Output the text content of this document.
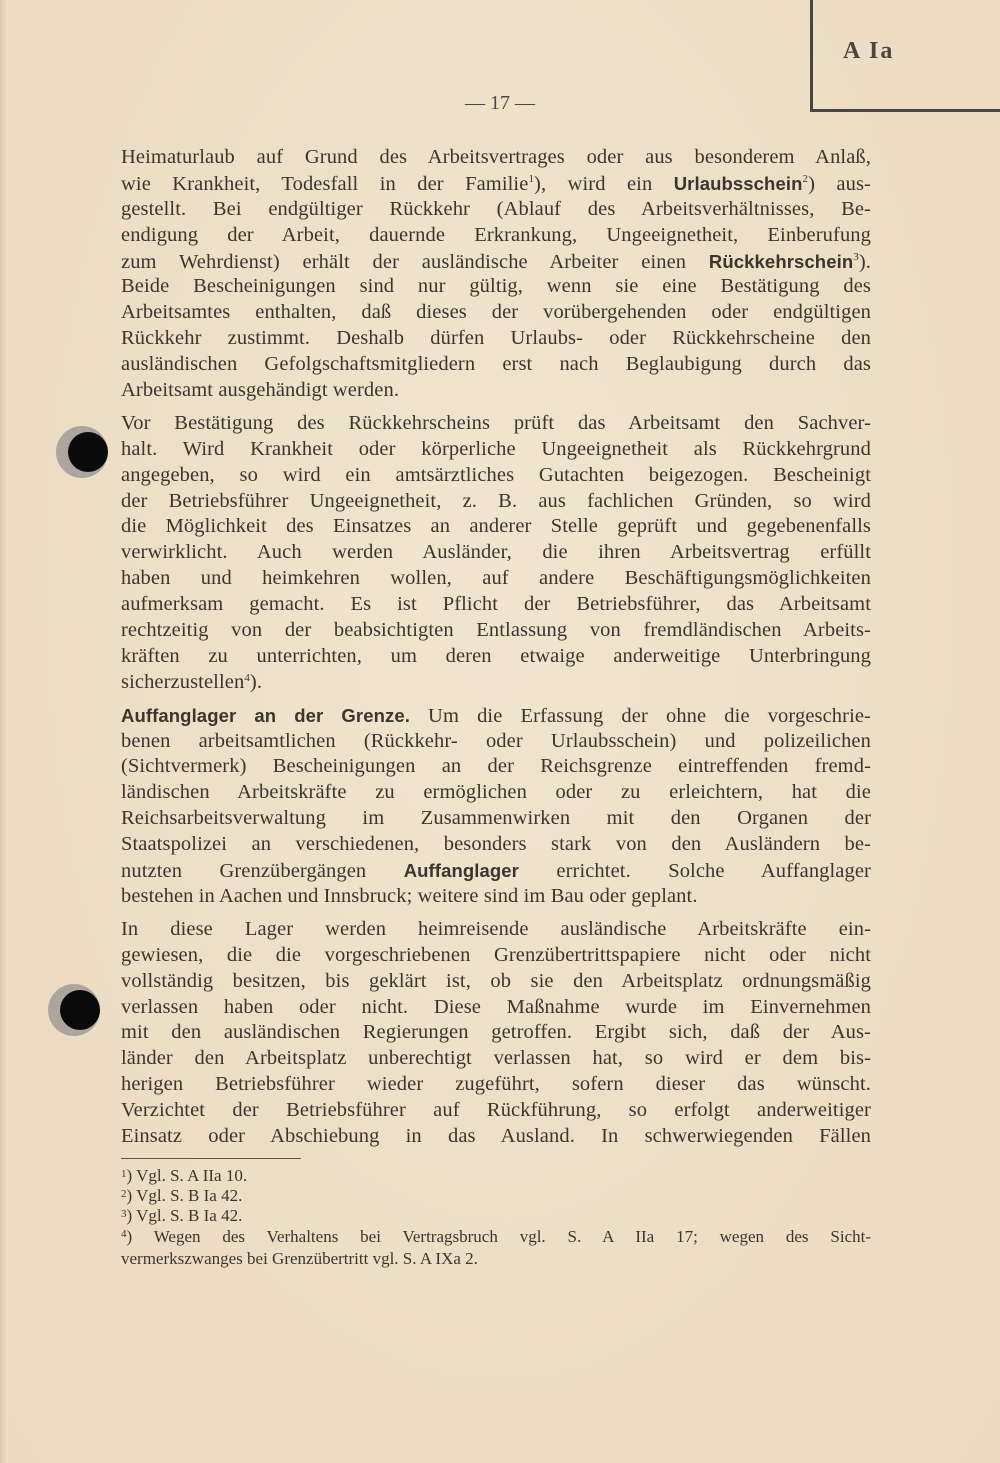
A Ia
— 17 —
Heimaturlaub auf Grund des Arbeitsvertrages oder aus besonderem Anlaß,
wie Krankheit, Todesfall in der Familie$^1$), wird ein Urlaubsschein$^2$) aus-
gestellt. Bei endgültiger Rückkehr (Ablauf des Arbeitsverhältnisses, Be-
endigung der Arbeit, dauernde Erkrankung, Ungeeignetheit, Einberufung
zum Wehrdienst) erhält der ausländische Arbeiter einen Rückkehrschein$^3$).
Beide Bescheinigungen sind nur gültig, wenn sie eine Bestätigung des
Arbeitsamtes enthalten, daß dieses der vorübergehenden oder endgültigen
Rückkehr zustimmt. Deshalb dürfen Urlaubs- oder Rückkehrscheine den
ausländischen Gefolgschaftsmitgliedern erst nach Beglaubigung durch das
Arbeitsamt ausgehändigt werden.
Vor Bestätigung des Rückkehrscheins prüft das Arbeitsamt den Sachver-
halt. Wird Krankheit oder körperliche Ungeeignetheit als Rückkehrgrund
angegeben, so wird ein amtsärztliches Gutachten beigezogen. Bescheinigt
der Betriebsführer Ungeeignetheit, z. B. aus fachlichen Gründen, so wird
die Möglichkeit des Einsatzes an anderer Stelle geprüft und gegebenenfalls
verwirklicht. Auch werden Ausländer, die ihren Arbeitsvertrag erfüllt
haben und heimkehren wollen, auf andere Beschäftigungsmöglichkeiten
aufmerksam gemacht. Es ist Pflicht der Betriebsführer, das Arbeitsamt
rechtzeitig von der beabsichtigten Entlassung von fremdländischen Arbeits-
kräften zu unterrichten, um deren etwaige anderweitige Unterbringung
sicherzustellen$^4$).
Auffanglager an der Grenze. Um die Erfassung der ohne die vorgeschrie-
benen arbeitsamtlichen (Rückkehr- oder Urlaubsschein) und polizeilichen
(Sichtvermerk) Bescheinigungen an der Reichsgrenze eintreffenden fremd-
ländischen Arbeitskräfte zu ermöglichen oder zu erleichtern, hat die
Reichsarbeitsverwaltung im Zusammenwirken mit den Organen der
Staatspolizei an verschiedenen, besonders stark von den Ausländern be-
nutzten Grenzübergängen Auffanglager errichtet. Solche Auffanglager
bestehen in Aachen und Innsbruck; weitere sind im Bau oder geplant.
In diese Lager werden heimreisende ausländische Arbeitskräfte ein-
gewiesen, die die vorgeschriebenen Grenzübertrittspapiere nicht oder nicht
vollständig besitzen, bis geklärt ist, ob sie den Arbeitsplatz ordnungsmäßig
verlassen haben oder nicht. Diese Maßnahme wurde im Einvernehmen
mit den ausländischen Regierungen getroffen. Ergibt sich, daß der Aus-
länder den Arbeitsplatz unberechtigt verlassen hat, so wird er dem bis-
herigen Betriebsführer wieder zugeführt, sofern dieser das wünscht.
Verzichtet der Betriebsführer auf Rückführung, so erfolgt anderweitiger
Einsatz oder Abschiebung in das Ausland. In schwerwiegenden Fällen
$^1$) Vgl. S. A IIa 10.
$^2$) Vgl. S. B Ia 42.
$^3$) Vgl. S. B Ia 42.
$^4$) Wegen des Verhaltens bei Vertragsbruch vgl. S. A IIa 17; wegen des Sicht-
vermerkszwanges bei Grenzübertritt vgl. S. A IXa 2.
